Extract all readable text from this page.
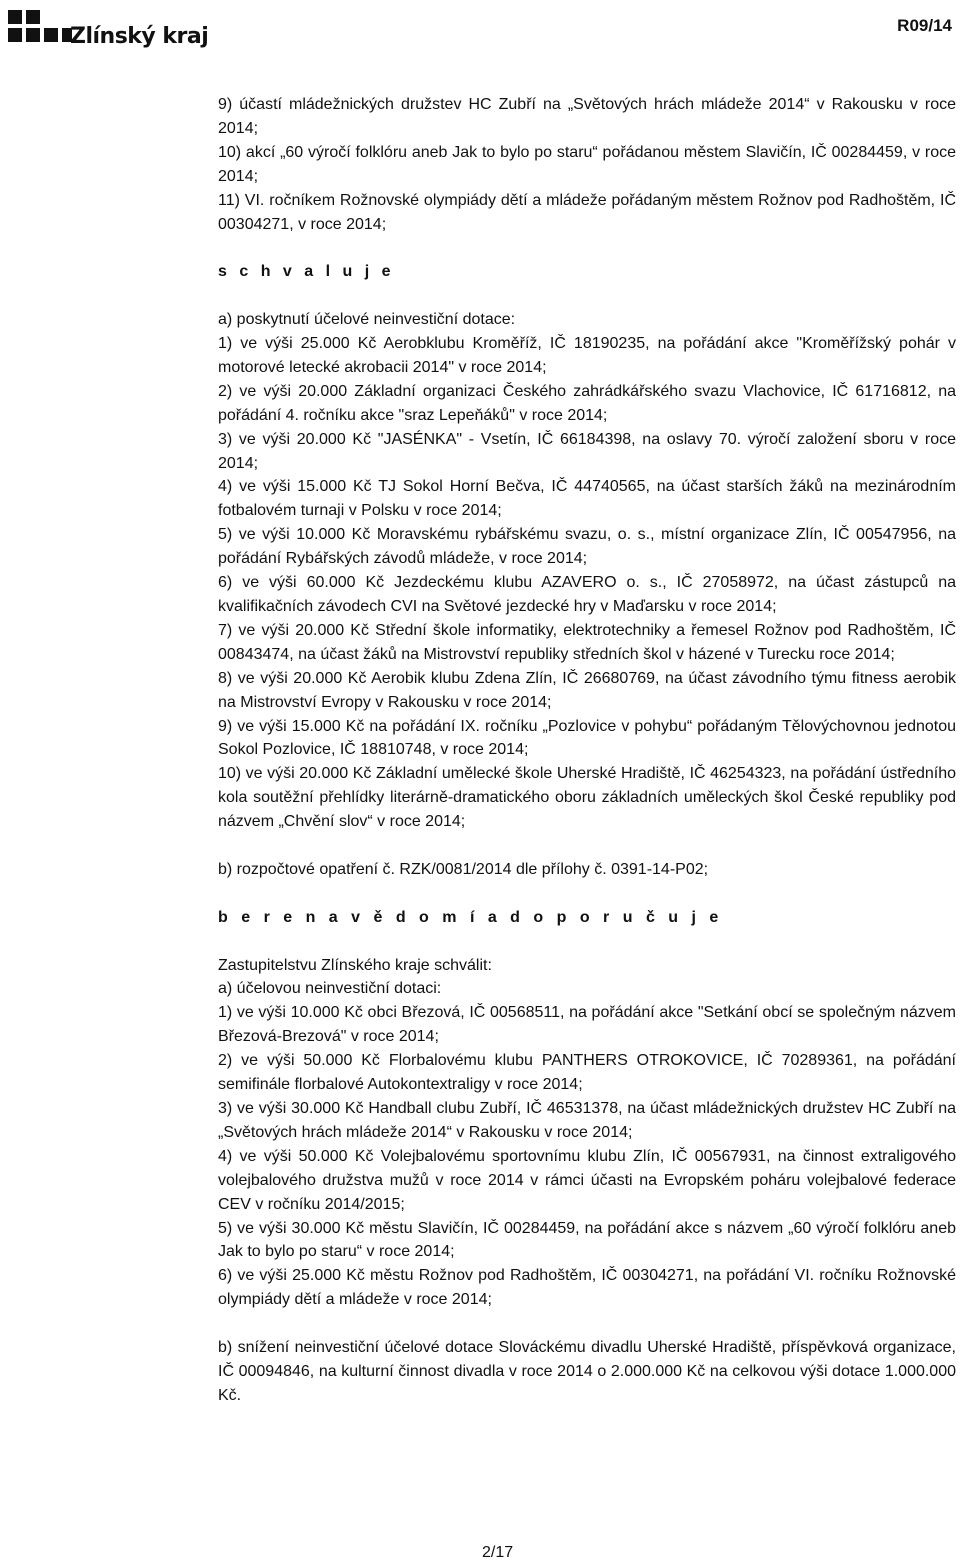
Zlínský kraj	R09/14

9) účastí mládežnických družstev HC Zubří na „Světových hrách mládeže 2014“ v Rakousku v roce 2014;

10) akcí „60 výročí folklóru aneb Jak to bylo po staru“ pořádanou městem Slavičín, IČ 00284459, v roce 2014;

11) VI. ročníkem Rožnovské olympiády dětí a mládeže pořádaným městem Rožnov pod Radhoštěm, IČ 00304271, v roce 2014;

s c h v a l u j e

a) poskytnutí účelové neinvestiční dotace:

1) ve výši 25.000 Kč Aerobklubu Kroměříž, IČ 18190235, na pořádání akce "Kroměřížský pohár v motorové letecké akrobacii 2014" v roce 2014;

2) ve výši 20.000 Základní organizaci Českého zahrádkářského svazu Vlachovice, IČ 61716812, na pořádání 4. ročníku akce "sraz Lepeňáků" v roce 2014;

3) ve výši 20.000 Kč "JASÉNKA" - Vsetín, IČ 66184398, na oslavy 70. výročí založení sboru v roce 2014;

4) ve výši 15.000 Kč TJ Sokol Horní Bečva, IČ 44740565, na účast starších žáků na mezinárodním fotbalovém turnaji v Polsku v roce 2014;

5) ve výši 10.000 Kč Moravskému rybářskému svazu, o. s., místní organizace Zlín, IČ 00547956, na pořádání Rybářských závodů mládeže, v roce 2014;

6) ve výši 60.000 Kč Jezdeckému klubu AZAVERO o. s., IČ 27058972, na účast zástupců na kvalifikačních závodech CVI na Světové jezdecké hry v Maďarsku v roce 2014;

7) ve výši 20.000 Kč Střední škole informatiky, elektrotechniky a řemesel Rožnov pod Radhoštěm, IČ 00843474, na účast žáků na Mistrovství republiky středních škol v házené v Turecku roce 2014;

8) ve výši 20.000 Kč Aerobik klubu Zdena Zlín, IČ 26680769, na účast závodního týmu fitness aerobik na Mistrovství Evropy v Rakousku v roce 2014;

9) ve výši 15.000 Kč na pořádání IX. ročníku „Pozlovice v pohybu“ pořádaným Tělovýchovnou jednotou Sokol Pozlovice, IČ 18810748, v roce 2014;

10) ve výši 20.000 Kč Základní umělecké škole Uherské Hradiště, IČ 46254323, na pořádání ústředního kola soutěžní přehlídky literárně-dramatického oboru základních uměleckých škol České republiky pod názvem „Chvění slov“ v roce 2014;

b) rozpočtové opatření č. RZK/0081/2014 dle přílohy č. 0391-14-P02;

b e r e n a v ě d o m í a d o p o r u č u j e

Zastupitelstvu Zlínského kraje schválit:

a) účelovou neinvestiční dotaci:

1) ve výši 10.000 Kč obci Březová, IČ 00568511, na pořádání akce "Setkání obcí se společným názvem Březová-Brezová" v roce 2014;

2) ve výši 50.000 Kč Florbalovému klubu PANTHERS OTROKOVICE, IČ 70289361, na pořádání semifinále florbalové Autokontextraligy v roce 2014;

3) ve výši 30.000 Kč Handball clubu Zubří, IČ 46531378, na účast mládežnických družstev HC Zubří na „Světových hrách mládeže 2014“ v Rakousku v roce 2014;

4) ve výši 50.000 Kč Volejbalovému sportovnímu klubu Zlín, IČ 00567931, na činnost extraligového volejbalového družstva mužů v roce 2014 v rámci účasti na Evropském poháru volejbalové federace CEV v ročníku 2014/2015;

5) ve výši 30.000 Kč městu Slavičín, IČ 00284459, na pořádání akce s názvem „60 výročí folklóru aneb Jak to bylo po staru“ v roce 2014;

6) ve výši 25.000 Kč městu Rožnov pod Radhoštěm, IČ 00304271, na pořádání VI. ročníku Rožnovské olympiády dětí a mládeže v roce 2014;

b) snížení neinvestiční účelové dotace Slováckému divadlu Uherské Hradiště, příspěvková organizace, IČ 00094846, na kulturní činnost divadla v roce 2014 o 2.000.000 Kč na celkovou výši dotace 1.000.000 Kč.

2/17
